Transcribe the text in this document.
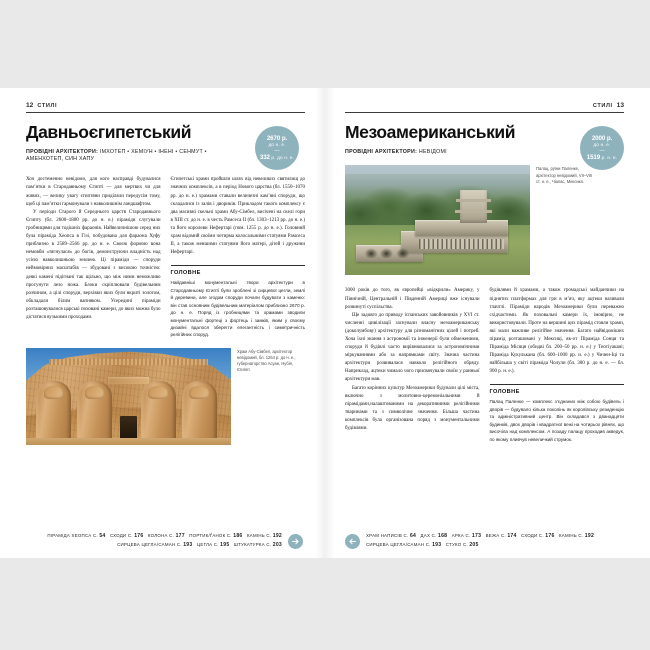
12 СТИЛІ
Давньоєгипетський
ПРОВІДНІ АРХІТЕКТОРИ: ІМХОТЕП • ХЕМІУН • ІНЕНІ • СЕНМУТ • АМЕНХОТЕП, СИН ХАПУ
2670 р.
до н. е.
—
332 р. до н. е.

Хоч достеменно невідомо, для кого насправді будувалися пам’ятки в Стародавньому Єгипті — для мертвих чи для живих, — велику увагу єгиптяни приділяли передусім тому, щоб ці пам’ятки гармонували з навколишнім ландшафтом.

У періоди Старого й Середнього царств Стародавнього Єгипту (бл. 2600–1800 рр. до н. е.) піраміди слугували гробницями для тодішніх фараонів. Найвеличнішою серед них була піраміда Хеопса в Гізі, побудована для фараона Хуфу приблизно в 2589–2566 рр. до н. е. Своєю формою вона немовби «тягнулася» до богів, демонструючи владність над усією навколишньою землею. Ці піраміди — споруди неймовірних масштабів — збудовані з високою точністю: деякі камені підігнані так щільно, що між ними неможливо просунути лезо ножа. Блоки скріплювали будівельним розчином, а цілі споруди, верхівки яких були вкриті золотом, обкладали білим вапняком. Усередині піраміди розташовувалися царські поховані камери, до яких можна було дістатися вузькими проходами.

Єгипетські храми пройшли шлях від невеликих святилищ до значних комплексів, а в період Нового царства (бл. 1550–1070 рр. до н. е.) храмами ставали величезні кам’яні споруди, що складалися із залів і двориків. Прикладом такого комплексу є два масивні скельні храми Абу-Сімбел, висічені на скелі гори в XIII ст. до н. е. в честь Рамсеса II (бл. 1303–1213 рр. до н. е.) та його королеви Нефертарі (пом. 1255 р. до н. е.). Головний храм відомий своїми чотирма колосальними статуями Рамсеса II, а також меншими статуями його матері, дітей і дружини Нефертарі.

ГОЛОВНЕ

Найдавніші монументальні твори архітектури в Стародавньому Єгипті були зроблені зі сирцевої цегли, землі й деревини, але згодом споруди почали будувати з каменю: він став основним будівельним матеріалом приблизно 2670 р. до н. е. Поряд із гробницями та храмами зводили монументальні фортеці з фортець і замків, яким у своєму дизайні вдалося зберегти елегантність і симетричність релігійних споруд.

Храм Абу-Сімбел, архітектор невідомий, бл. 1264 р. до н. е., губернаторство Асуан, Нубія, Єгипет.
ПІРАМІДА ХЕОПСА С. 54 СХОДИ С. 176 КОЛОНА С. 177 ПОРТИК/ҐАНОК С. 186 КАМІНЬ С. 192
СИРЦЕВА ЦЕГЛА/САМАН С. 193 ЦЕГЛА С. 195 ШТУКАТУРКА С. 203
СТИЛІ 13
Мезоамериканський
ПРОВІДНІ АРХІТЕКТОРИ: НЕВІДОМІ
2000 р.
до н. е.
—
1519 р. н. е.
Палац, руїни Паленке, архітектор невідомий, VII–VIII ст. н. е., Чіапас, Мексика.

3000 років до того, як європейці «відкрили» Америку, у Північній, Центральній і Південній Америці вже існували розвинуті суспільства.

Ще задовго до приводу іспанських завойовників у XVI ст. численні цивілізації заснували власну мезоамериканську (доколумбову) архітектуру для різноманітних цілей і потреб. Хоча їхні знання з астрономії та інженерії були обмеженими, споруди й будівлі часто вирівнювалися за астрономічними міркуваннями або за напрямками світу. Значна частина архітектури розвивалася навколо релігійного обряду. Наприклад, ацтеки чимало чого присвячували своїм у ранньої архітектури мав.

Багато корінних культур Мезоамерики будували цілі міста, включно з молитовно-церемоніальними й пірамідами,налаштованими на декоративними релігійними тваринами та з символічне значення. Більша частина комплексів була організована поряд з монументальними будівлями.

будівлями й храмами, а також громадські майданчики на піднятих платформах для гри в м’яч, яку ацтеки називали тлачтлі. Піраміди народів Мезоамерики були переважно східчастими. Як поховальні камери їх, імовірно, не використовували. Проте на вершині цих пірамід стояли храми, які мали важливе релігійне значення. Багато найвідоміших пірамід розташовані у Мексиці, як-от Піраміда Сонця та Піраміда Місяця (обидві бл. 200–50 рр. н. е.) у Теотіуакані; Піраміда Кукулькана (бл. 600–1000 рр. н. е.) у Чичен-Іці та найбільша у світі піраміда Чолули (бл. 300 р. до н. е. — бл. 900 р. н. е.).

ГОЛОВНЕ

Палац Паленке — комплекс з’єднаних між собою будівель і дворів — будувало кілька поколінь як королівську резиденцію та адміністративний центр. Він складався з дванадцяти будинків, двох дворів і квадратної вежі на чотирьох рівнях, що височіла над комплексом. А позаду палацу проходив акведук, по якому пливчув невеличкий струмок.

ХРАМ НАПИСІВ С. 64 ДАХ С. 168 АРКА С. 173 ВЕЖА С. 174 СХОДИ С. 176 КАМІНЬ С. 192
СИРЦЕВА ЦЕГЛА/САМАН С. 193 СТУКО С. 205
